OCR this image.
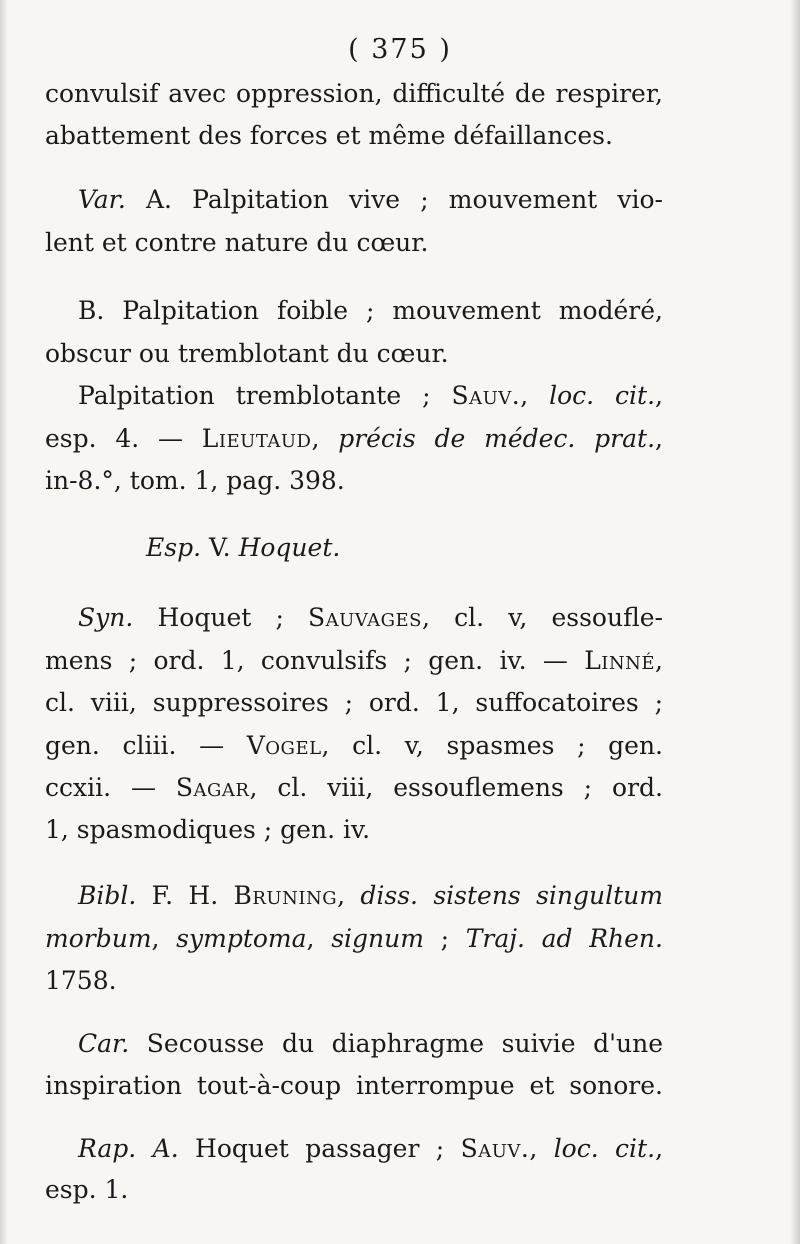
( 375 )
convulsif avec oppression, difficulté de respirer,
abattement des forces et même défaillances.
Var. A. Palpitation vive ; mouvement vio-
lent et contre nature du cœur.
B. Palpitation foible ; mouvement modéré,
obscur ou tremblotant du cœur.
Palpitation tremblotante ; Sauv., loc. cit.,
esp. 4. — Lieutaud, précis de médec. prat.,
in-8.°, tom. 1, pag. 398.
Esp. V. Hoquet.
Syn. Hoquet ; Sauvages, cl. v, essoufle-
mens ; ord. 1, convulsifs ; gen. iv. — Linné,
cl. viii, suppressoires ; ord. 1, suffocatoires ;
gen. cliii. — Vogel, cl. v, spasmes ; gen.
ccxii. — Sagar, cl. viii, essouflemens ; ord.
1, spasmodiques ; gen. iv.
Bibl. F. H. Bruning, diss. sistens singultum
morbum, symptoma, signum ; Traj. ad Rhen.
1758.
Car. Secousse du diaphragme suivie d'une
inspiration tout-à-coup interrompue et sonore.
Rap. A. Hoquet passager ; Sauv., loc. cit.,
esp. 1.
